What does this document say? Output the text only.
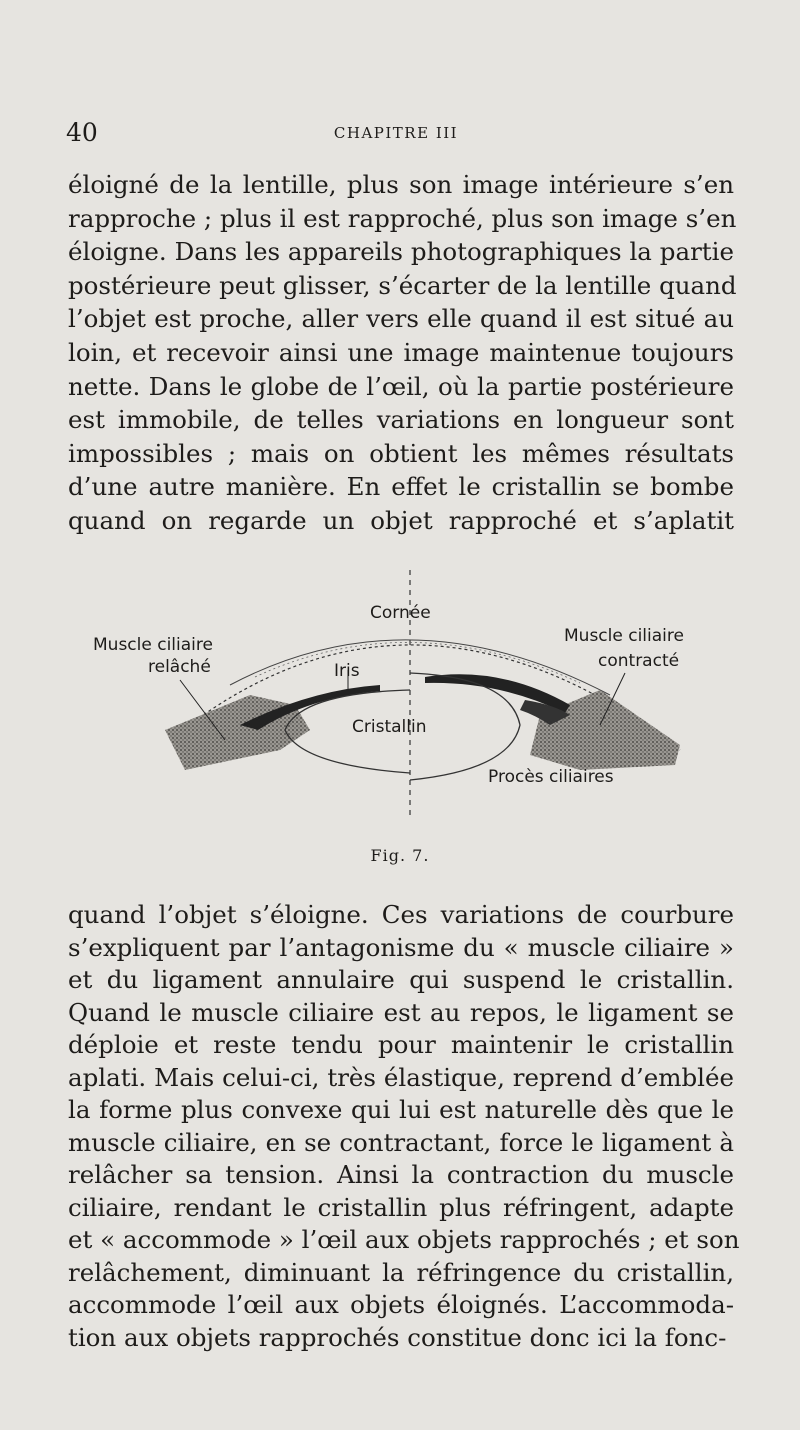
40	CHAPITRE III

éloigné de la lentille, plus son image intérieure s’en
rapproche ; plus il est rapproché, plus son image s’en
éloigne. Dans les appareils photographiques la partie
postérieure peut glisser, s’écarter de la lentille quand
l’objet est proche, aller vers elle quand il est situé au
loin, et recevoir ainsi une image maintenue toujours
nette. Dans le globe de l’œil, où la partie postérieure
est immobile, de telles variations en longueur sont
impossibles ; mais on obtient les mêmes résultats
d’une autre manière. En effet le cristallin se bombe
quand on regarde un objet rapproché et s’aplatit

Cornée
Muscle ciliaire
relâché	Iris
Cristallin
Muscle ciliaire
contracté
Procès ciliaires
Fig. 7.

quand l’objet s’éloigne. Ces variations de courbure
s’expliquent par l’antagonisme du « muscle ciliaire »
et du ligament annulaire qui suspend le cristallin.
Quand le muscle ciliaire est au repos, le ligament se
déploie et reste tendu pour maintenir le cristallin
aplati. Mais celui-ci, très élastique, reprend d’emblée
la forme plus convexe qui lui est naturelle dès que le
muscle ciliaire, en se contractant, force le ligament à
relâcher sa tension. Ainsi la contraction du muscle
ciliaire, rendant le cristallin plus réfringent, adapte
et « accommode » l’œil aux objets rapprochés ; et son
relâchement, diminuant la réfringence du cristallin,
accommode l’œil aux objets éloignés. L’accommoda-
tion aux objets rapprochés constitue donc ici la fonc-
